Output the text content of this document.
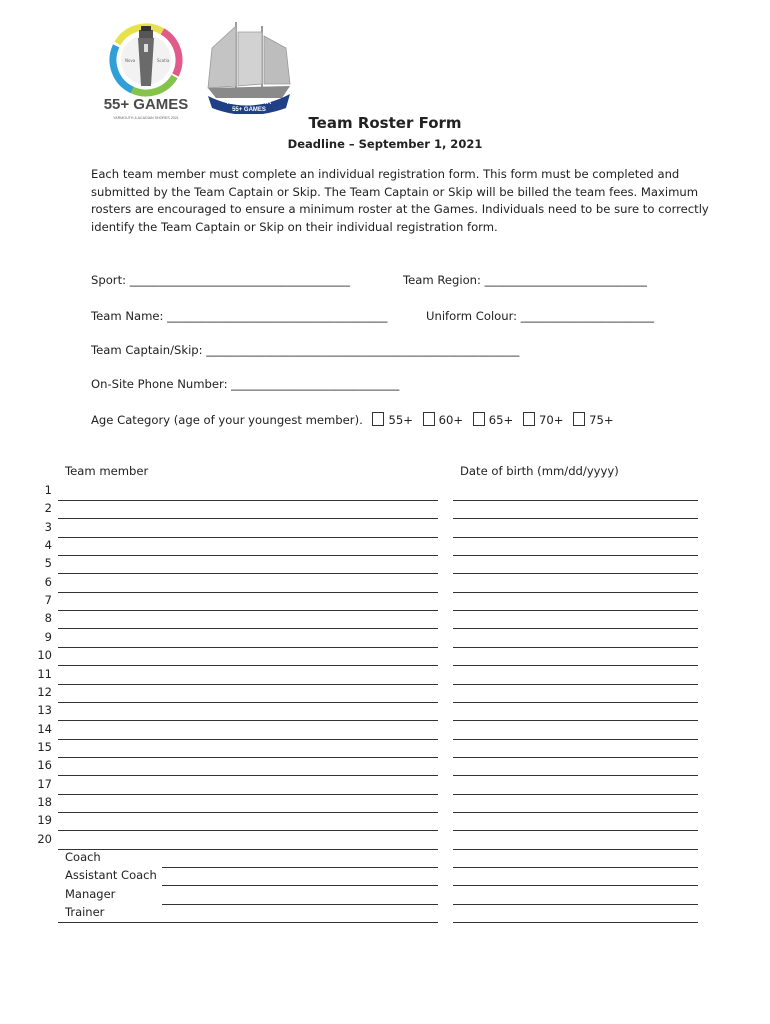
Nova	Scotia
55+ GAMES
YARMOUTH & ACADIAN SHORES 2021
NOVA SCOTIA
55+ GAMES
Team Roster Form
Deadline – September 1, 2021
Each team member must complete an individual registration form. This form must be completed and submitted by the Team Captain or Skip. The Team Captain or Skip will be billed the team fees. Maximum rosters are encouraged to ensure a minimum roster at the Games. Individuals need to be sure to correctly identify the Team Captain or Skip on their individual registration form.
Sport: ______________________________________	Team Region: ____________________________
Team Name: ______________________________________	Uniform Colour: _______________________
Team Captain/Skip: ______________________________________________________
On-Site Phone Number: _____________________________
Age Category (age of your youngest member). 55+ 60+ 65+ 70+ 75+
Team member	Date of birth (mm/dd/yyyy)
1
2
3
4
5
6
7
8
9
10
11
12
13
14
15
16
17
18
19
20
Coach
Assistant Coach
Manager
Trainer
